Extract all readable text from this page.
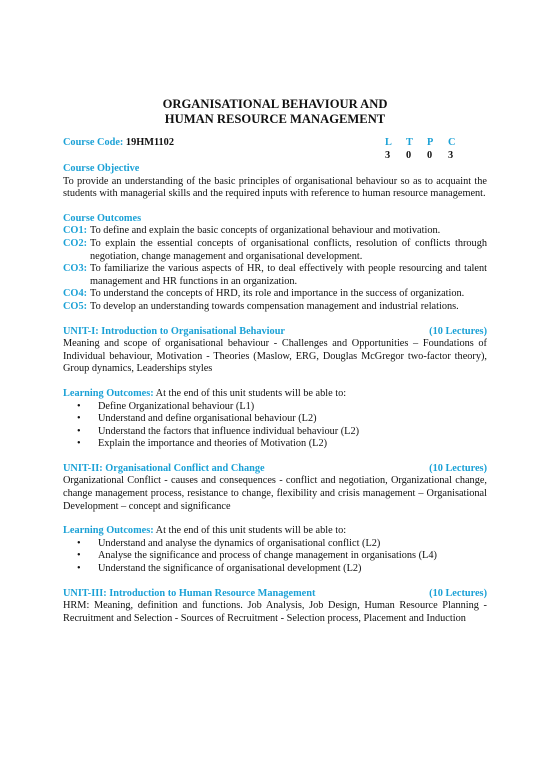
ORGANISATIONAL BEHAVIOUR AND
HUMAN RESOURCE MANAGEMENT
Course Code: 19HM1102	L	T	P	C
3	0	0	3
Course Objective

To provide an understanding of the basic principles of organisational behaviour so as to acquaint the students with managerial skills and the required inputs with reference to human resource management.

Course Outcomes
CO1: To define and explain the basic concepts of organizational behaviour and motivation.
CO2: To explain the essential concepts of organisational conflicts, resolution of conflicts through negotiation, change management and organisational development.
CO3: To familiarize the various aspects of HR, to deal effectively with people resourcing and talent management and HR functions in an organization.
CO4: To understand the concepts of HRD, its role and importance in the success of organization.
CO5: To develop an understanding towards compensation management and industrial relations.
UNIT-I: Introduction to Organisational Behaviour	(10 Lectures)

Meaning and scope of organisational behaviour - Challenges and Opportunities – Foundations of Individual behaviour, Motivation - Theories (Maslow, ERG, Douglas McGregor two-factor theory), Group dynamics, Leaderships styles

Learning Outcomes: At the end of this unit students will be able to:
•	Define Organizational behaviour (L1)
•	Understand and define organisational behaviour (L2)
•	Understand the factors that influence individual behaviour (L2)
•	Explain the importance and theories of Motivation (L2)
UNIT-II: Organisational Conflict and Change	(10 Lectures)

Organizational Conflict - causes and consequences - conflict and negotiation, Organizational change, change management process, resistance to change, flexibility and crisis management – Organisational Development – concept and significance

Learning Outcomes: At the end of this unit students will be able to:
•	Understand and analyse the dynamics of organisational conflict (L2)
•	Analyse the significance and process of change management in organisations (L4)
•	Understand the significance of organisational development (L2)
UNIT-III: Introduction to Human Resource Management	(10 Lectures)

HRM: Meaning, definition and functions. Job Analysis, Job Design, Human Resource Planning - Recruitment and Selection - Sources of Recruitment - Selection process, Placement and Induction
